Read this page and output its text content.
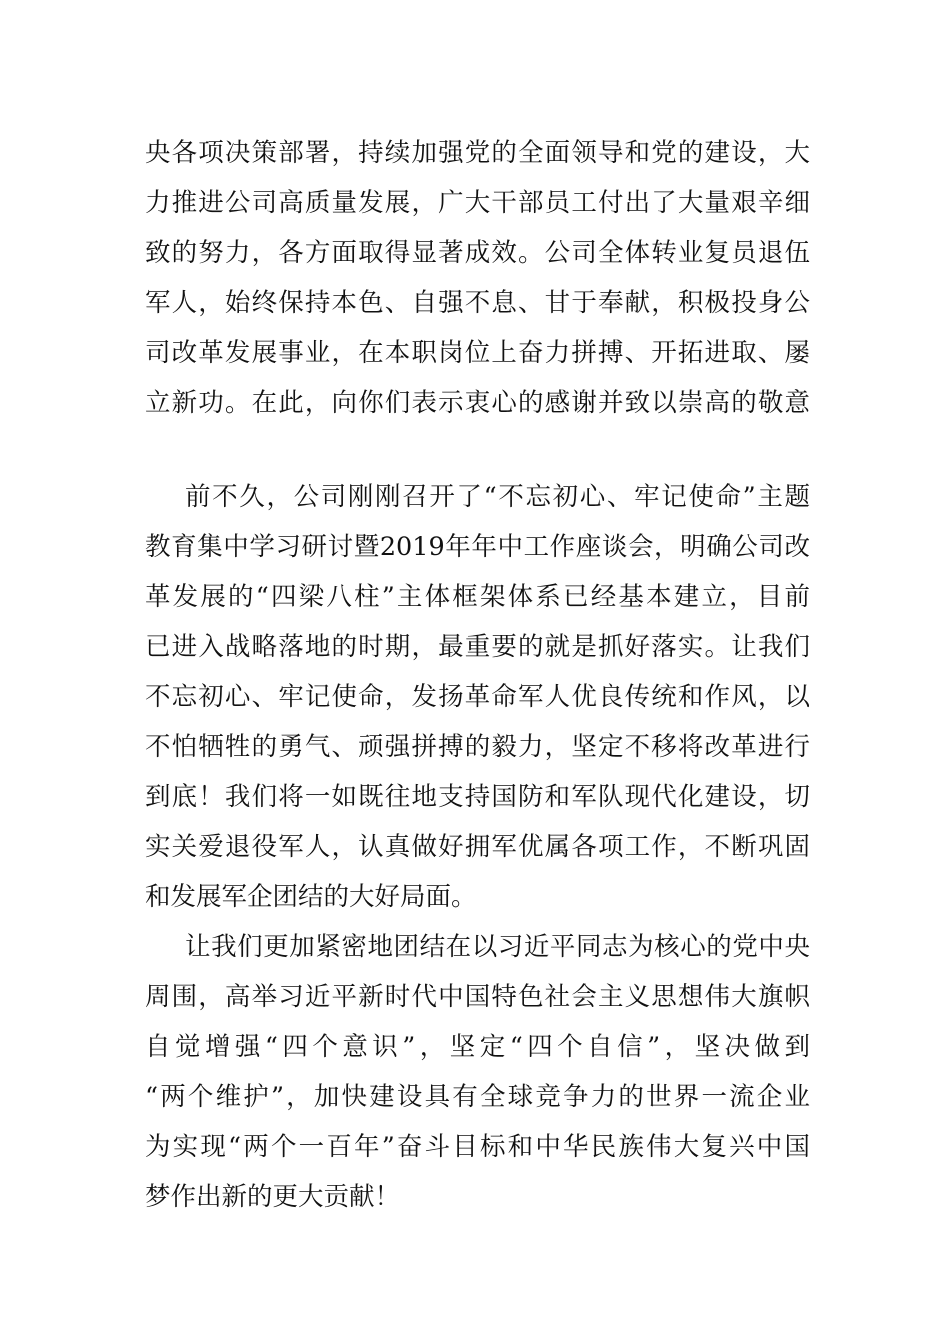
央各项决策部署，持续加强党的全面领导和党的建设，大
力推进公司高质量发展，广大干部员工付出了大量艰辛细
致的努力，各方面取得显著成效。公司全体转业复员退伍
军人，始终保持本色、自强不息、甘于奉献，积极投身公
司改革发展事业，在本职岗位上奋力拼搏、开拓进取、屡
立新功。在此，向你们表示衷心的感谢并致以崇高的敬意
前不久，公司刚刚召开了“不忘初心、牢记使命”主题
教育集中学习研讨暨2019年年中工作座谈会，明确公司改
革发展的“四梁八柱”主体框架体系已经基本建立，目前
已进入战略落地的时期，最重要的就是抓好落实。让我们
不忘初心、牢记使命，发扬革命军人优良传统和作风，以
不怕牺牲的勇气、顽强拼搏的毅力，坚定不移将改革进行
到底！我们将一如既往地支持国防和军队现代化建设，切
实关爱退役军人，认真做好拥军优属各项工作，不断巩固
和发展军企团结的大好局面。
让我们更加紧密地团结在以习近平同志为核心的党中央
周围，高举习近平新时代中国特色社会主义思想伟大旗帜
自觉增强“四个意识”，坚定“四个自信”，坚决做到
“两个维护”，加快建设具有全球竞争力的世界一流企业
为实现“两个一百年”奋斗目标和中华民族伟大复兴中国
梦作出新的更大贡献！
